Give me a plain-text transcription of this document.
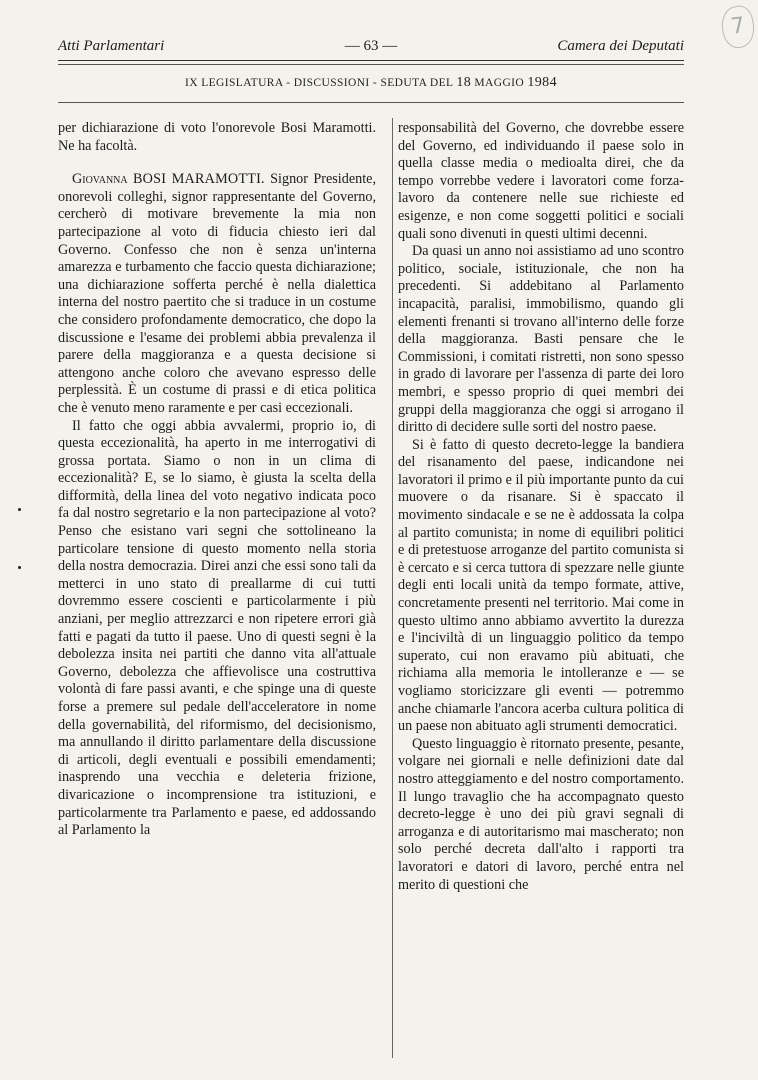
7
Atti Parlamentari	— 63 —	Camera dei Deputati
IX LEGISLATURA - DISCUSSIONI - SEDUTA DEL 18 MAGGIO 1984

per dichiarazione di voto l'onorevole Bosi Maramotti. Ne ha facoltà.

Giovanna BOSI MARAMOTTI. Signor Presidente, onorevoli colleghi, signor rappresentante del Governo, cercherò di motivare brevemente la mia non partecipazione al voto di fiducia chiesto ieri dal Governo. Confesso che non è senza un'interna amarezza e turbamento che faccio questa dichiarazione; una dichiarazione sofferta perché è nella dialettica interna del nostro paertito che si traduce in un costume che considero profondamente democratico, che dopo la discussione e l'esame dei problemi abbia prevalenza il parere della maggioranza e a questa decisione si attengono anche coloro che avevano espresso delle perplessità. È un costume di prassi e di etica politica che è venuto meno raramente e per casi eccezionali.

Il fatto che oggi abbia avvalermi, proprio io, di questa eccezionalità, ha aperto in me interrogativi di grossa portata. Siamo o non in un clima di eccezionalità? E, se lo siamo, è giusta la scelta della difformità, della linea del voto negativo indicata poco fa dal nostro segretario e la non partecipazione al voto? Penso che esistano vari segni che sottolineano la particolare tensione di questo momento nella storia della nostra democrazia. Direi anzi che essi sono tali da metterci in uno stato di preallarme di cui tutti dovremmo essere coscienti e particolarmente i più anziani, per meglio attrezzarci e non ripetere errori già fatti e pagati da tutto il paese. Uno di questi segni è la debolezza insita nei partiti che danno vita all'attuale Governo, debolezza che affievolisce una costruttiva volontà di fare passi avanti, e che spinge una di queste forse a premere sul pedale dell'acceleratore in nome della governabilità, del riformismo, del decisionismo, ma annullando il diritto parlamentare della discussione di articoli, degli eventuali e possibili emendamenti; inasprendo una vecchia e deleteria frizione, divaricazione o incomprensione tra istituzioni, e particolarmente tra Parlamento e paese, ed addossando al Parlamento la

responsabilità del Governo, che dovrebbe essere del Governo, ed individuando il paese solo in quella classe media o medioalta direi, che da tempo vorrebbe vedere i lavoratori come forza-lavoro da contenere nelle sue richieste ed esigenze, e non come soggetti politici e sociali quali sono divenuti in questi ultimi decenni.

Da quasi un anno noi assistiamo ad uno scontro politico, sociale, istituzionale, che non ha precedenti. Si addebitano al Parlamento incapacità, paralisi, immobilismo, quando gli elementi frenanti si trovano all'interno delle forze della maggioranza. Basti pensare che le Commissioni, i comitati ristretti, non sono spesso in grado di lavorare per l'assenza di parte dei loro membri, e spesso proprio di quei membri dei gruppi della maggioranza che oggi si arrogano il diritto di decidere sulle sorti del nostro paese.

Si è fatto di questo decreto-legge la bandiera del risanamento del paese, indicandone nei lavoratori il primo e il più importante punto da cui muovere o da risanare. Si è spaccato il movimento sindacale e se ne è addossata la colpa al partito comunista; in nome di equilibri politici e di pretestuose arroganze del partito comunista si è cercato e si cerca tuttora di spezzare nelle giunte degli enti locali unità da tempo formate, attive, concretamente presenti nel territorio. Mai come in questo ultimo anno abbiamo avvertito la durezza e l'inciviltà di un linguaggio politico da tempo superato, cui non eravamo più abituati, che richiama alla memoria le intolleranze e — se vogliamo storicizzare gli eventi — potremmo anche chiamarle l'ancora acerba cultura politica di un paese non abituato agli strumenti democratici.

Questo linguaggio è ritornato presente, pesante, volgare nei giornali e nelle definizioni date dal nostro atteggiamento e del nostro comportamento. Il lungo travaglio che ha accompagnato questo decreto-legge è uno dei più gravi segnali di arroganza e di autoritarismo mai mascherato; non solo perché decreta dall'alto i rapporti tra lavoratori e datori di lavoro, perché entra nel merito di questioni che
